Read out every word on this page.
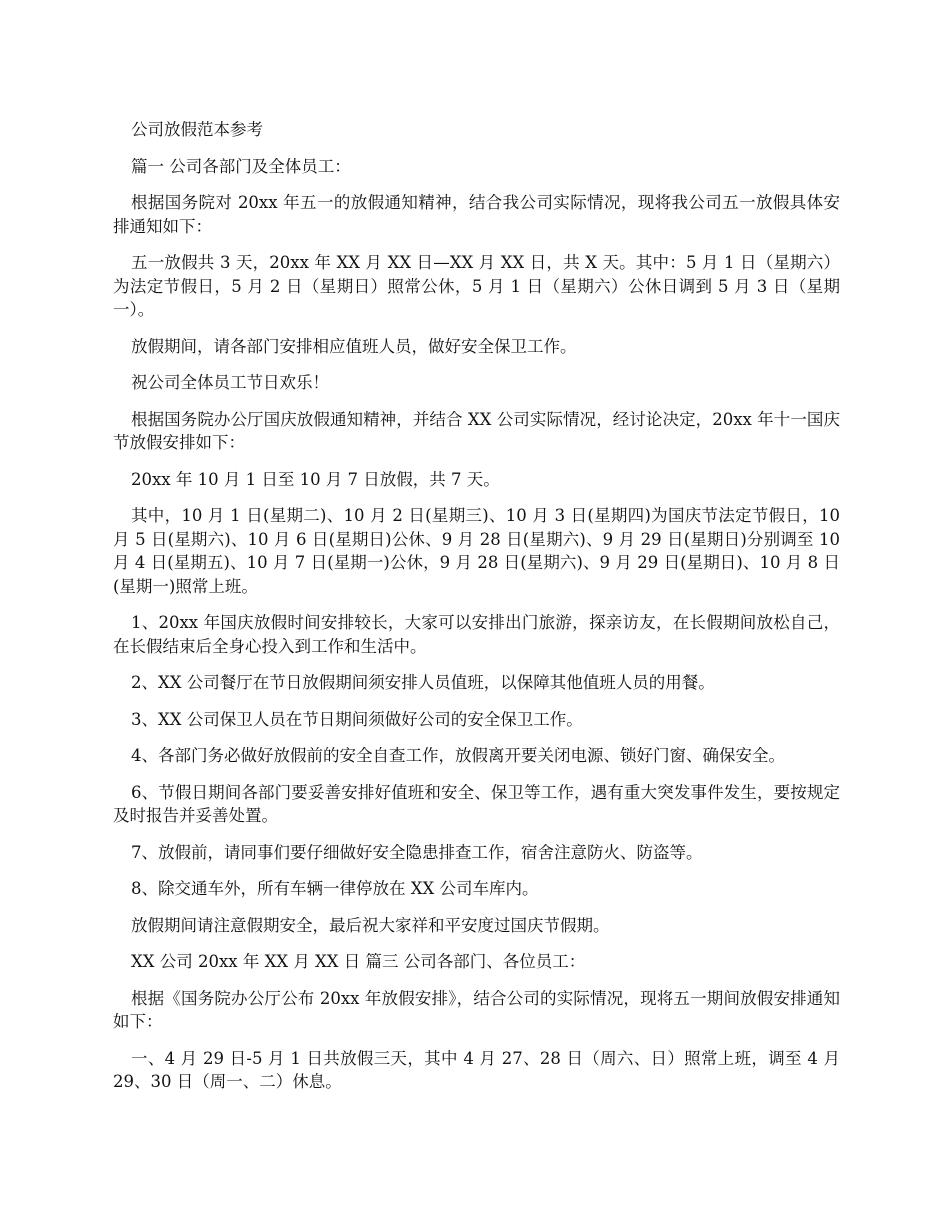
公司放假范本参考

篇一 公司各部门及全体员工：

根据国务院对 20xx 年五一的放假通知精神，结合我公司实际情况，现将我公司五一放假具体安排通知如下：

五一放假共 3 天，20xx 年 XX 月 XX 日—XX 月 XX 日，共 X 天。其中：5 月 1 日（星期六）为法定节假日，5 月 2 日（星期日）照常公休，5 月 1 日（星期六）公休日调到 5 月 3 日（星期一）。

放假期间，请各部门安排相应值班人员，做好安全保卫工作。

祝公司全体员工节日欢乐！

根据国务院办公厅国庆放假通知精神，并结合 XX 公司实际情况，经讨论决定，20xx 年十一国庆节放假安排如下：

20xx 年 10 月 1 日至 10 月 7 日放假，共 7 天。

其中，10 月 1 日(星期二)、10 月 2 日(星期三)、10 月 3 日(星期四)为国庆节法定节假日，10 月 5 日(星期六)、10 月 6 日(星期日)公休、9 月 28 日(星期六)、9 月 29 日(星期日)分别调至 10 月 4 日(星期五)、10 月 7 日(星期一)公休，9 月 28 日(星期六)、9 月 29 日(星期日)、10 月 8 日(星期一)照常上班。

1、20xx 年国庆放假时间安排较长，大家可以安排出门旅游，探亲访友，在长假期间放松自己，在长假结束后全身心投入到工作和生活中。

2、XX 公司餐厅在节日放假期间须安排人员值班，以保障其他值班人员的用餐。

3、XX 公司保卫人员在节日期间须做好公司的安全保卫工作。

4、各部门务必做好放假前的安全自查工作，放假离开要关闭电源、锁好门窗、确保安全。

6、节假日期间各部门要妥善安排好值班和安全、保卫等工作，遇有重大突发事件发生，要按规定及时报告并妥善处置。

7、放假前，请同事们要仔细做好安全隐患排查工作，宿舍注意防火、防盗等。

8、除交通车外，所有车辆一律停放在 XX 公司车库内。

放假期间请注意假期安全，最后祝大家祥和平安度过国庆节假期。

XX 公司 20xx 年 XX 月 XX 日 篇三 公司各部门、各位员工：

根据《国务院办公厅公布 20xx 年放假安排》，结合公司的实际情况，现将五一期间放假安排通知如下：

一、4 月 29 日-5 月 1 日共放假三天，其中 4 月 27、28 日（周六、日）照常上班，调至 4 月 29、30 日（周一、二）休息。
